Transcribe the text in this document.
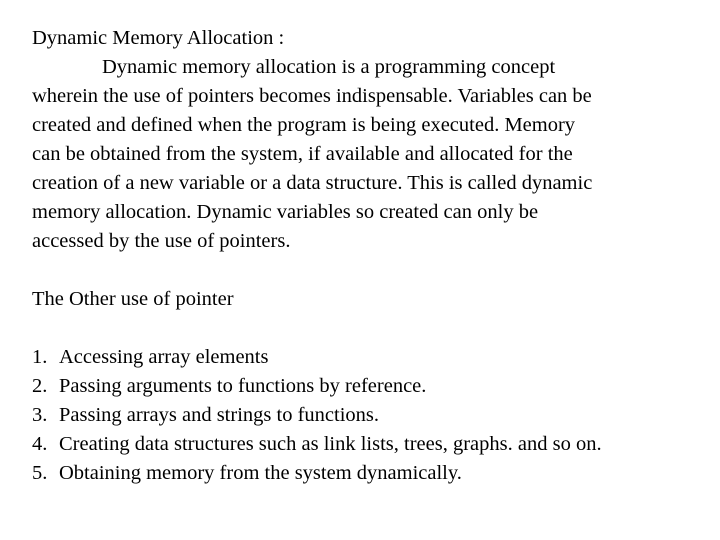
Dynamic Memory Allocation :
Dynamic memory allocation is a programming concept
wherein the use of pointers becomes indispensable. Variables can be
created and defined when the program is being executed. Memory
can be obtained from the system, if available and allocated for the
creation of a new variable or a data structure. This is called dynamic
memory allocation. Dynamic variables so created can only be
accessed by the use of pointers.
The Other use of pointer
1. Accessing array elements
2. Passing arguments to functions by reference.
3. Passing arrays and strings to functions.
4. Creating data structures such as link lists, trees, graphs. and so on.
5. Obtaining memory from the system dynamically.
